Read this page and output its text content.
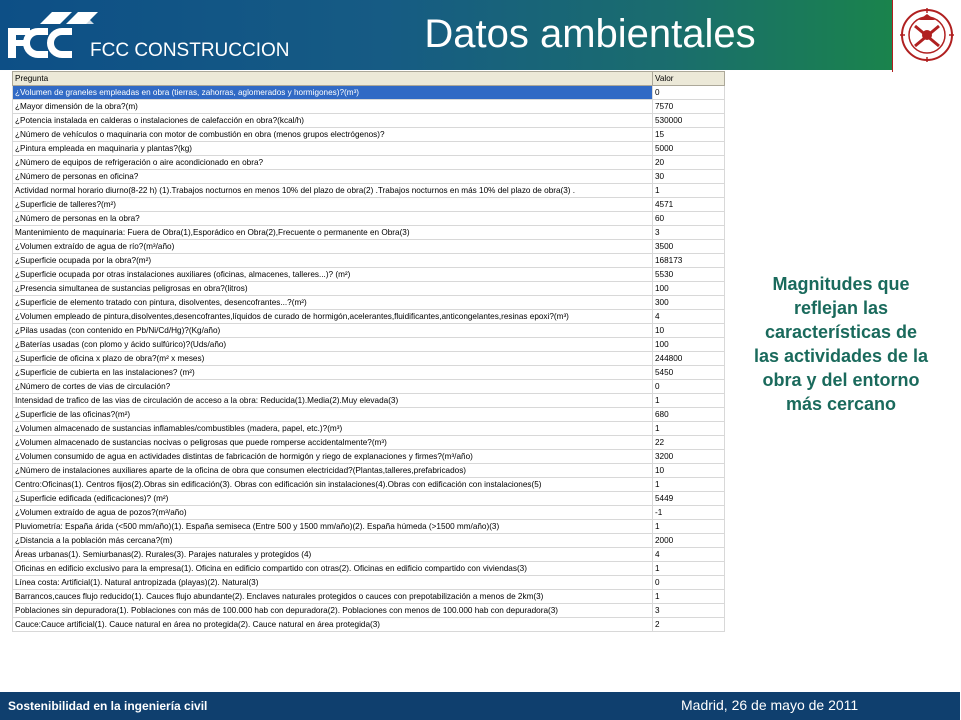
FCC CONSTRUCCION	Datos ambientales
Pregunta	Valor
¿Volumen de graneles empleadas en obra (tierras, zahorras, aglomerados y hormigones)?(m³)	0
¿Mayor dimensión de la obra?(m)	7570
¿Potencia instalada en calderas o instalaciones de calefacción en obra?(kcal/h)	530000
¿Número de vehículos o maquinaria con motor de combustión en obra (menos grupos electrógenos)?	15
¿Pintura empleada en maquinaria y plantas?(kg)	5000
¿Número de equipos de refrigeración o aire acondicionado en obra?	20
¿Número de personas en oficina?	30
Actividad normal horario diurno(8-22 h) (1).Trabajos nocturnos en menos 10% del plazo de obra(2) .Trabajos nocturnos en más 10% del plazo de obra(3) .	1
¿Superficie de talleres?(m²)	4571
¿Número de personas en la obra?	60
Mantenimiento de maquinaria: Fuera de Obra(1),Esporádico en Obra(2),Frecuente o permanente en Obra(3)	3
¿Volumen extraído de agua de río?(m³/año)	3500
¿Superficie ocupada por la obra?(m²)	168173
¿Superficie ocupada por otras instalaciones auxiliares (oficinas, almacenes, talleres...)? (m²)	5530
¿Presencia simultanea de sustancias peligrosas en obra?(litros)	100
¿Superficie de elemento tratado con pintura, disolventes, desencofrantes...?(m²)	300
¿Volumen empleado de pintura,disolventes,desencofrantes,líquidos de curado de hormigón,acelerantes,fluidificantes,anticongelantes,resinas epoxi?(m³)	4
¿Pilas usadas (con contenido en Pb/Ni/Cd/Hg)?(Kg/año)	10
¿Baterías usadas (con plomo y ácido sulfúrico)?(Uds/año)	100
¿Superficie de oficina x plazo de obra?(m² x meses)	244800
¿Superficie de cubierta en las instalaciones? (m²)	5450
¿Número de cortes de vias de circulación?	0
Intensidad de trafico de las vias de circulación de acceso a la obra: Reducida(1).Media(2).Muy elevada(3)	1
¿Superficie de las oficinas?(m²)	680
¿Volumen almacenado de sustancias inflamables/combustibles (madera, papel, etc.)?(m³)	1
¿Volumen almacenado de sustancias nocivas o peligrosas que puede romperse accidentalmente?(m³)	22
¿Volumen consumido de agua en actividades distintas de fabricación de hormigón y riego de explanaciones y firmes?(m³/año)	3200
¿Número de instalaciones auxiliares aparte de la oficina de obra que consumen electricidad?(Plantas,talleres,prefabricados)	10
Centro:Oficinas(1). Centros fijos(2).Obras sin edificación(3). Obras con edificación sin instalaciones(4).Obras con edificación con instalaciones(5)	1
¿Superficie edificada (edificaciones)? (m²)	5449
¿Volumen extraído de agua de pozos?(m³/año)	-1
Pluviometría: España árida (<500 mm/año)(1). España semiseca (Entre 500 y 1500 mm/año)(2). España húmeda (>1500 mm/año)(3)	1
¿Distancia a la población más cercana?(m)	2000
Áreas urbanas(1). Semiurbanas(2). Rurales(3). Parajes naturales y protegidos (4)	4
Oficinas en edificio exclusivo para la empresa(1). Oficina en edificio compartido con otras(2). Oficinas en edificio compartido con viviendas(3)	1
Línea costa: Artificial(1). Natural antropizada (playas)(2). Natural(3)	0
Barrancos,cauces flujo reducido(1). Cauces flujo abundante(2). Enclaves naturales protegidos o cauces con prepotabilización a menos de 2km(3)	1
Poblaciones sin depuradora(1). Poblaciones con más de 100.000 hab con depuradora(2). Poblaciones con menos de 100.000 hab con depuradora(3)	3
Cauce:Cauce artificial(1). Cauce natural en área no protegida(2). Cauce natural en área protegida(3)	2
Magnitudes que reflejan las características de las actividades de la obra y del entorno más cercano
Sostenibilidad en la ingeniería civil	Madrid, 26 de mayo de 2011
